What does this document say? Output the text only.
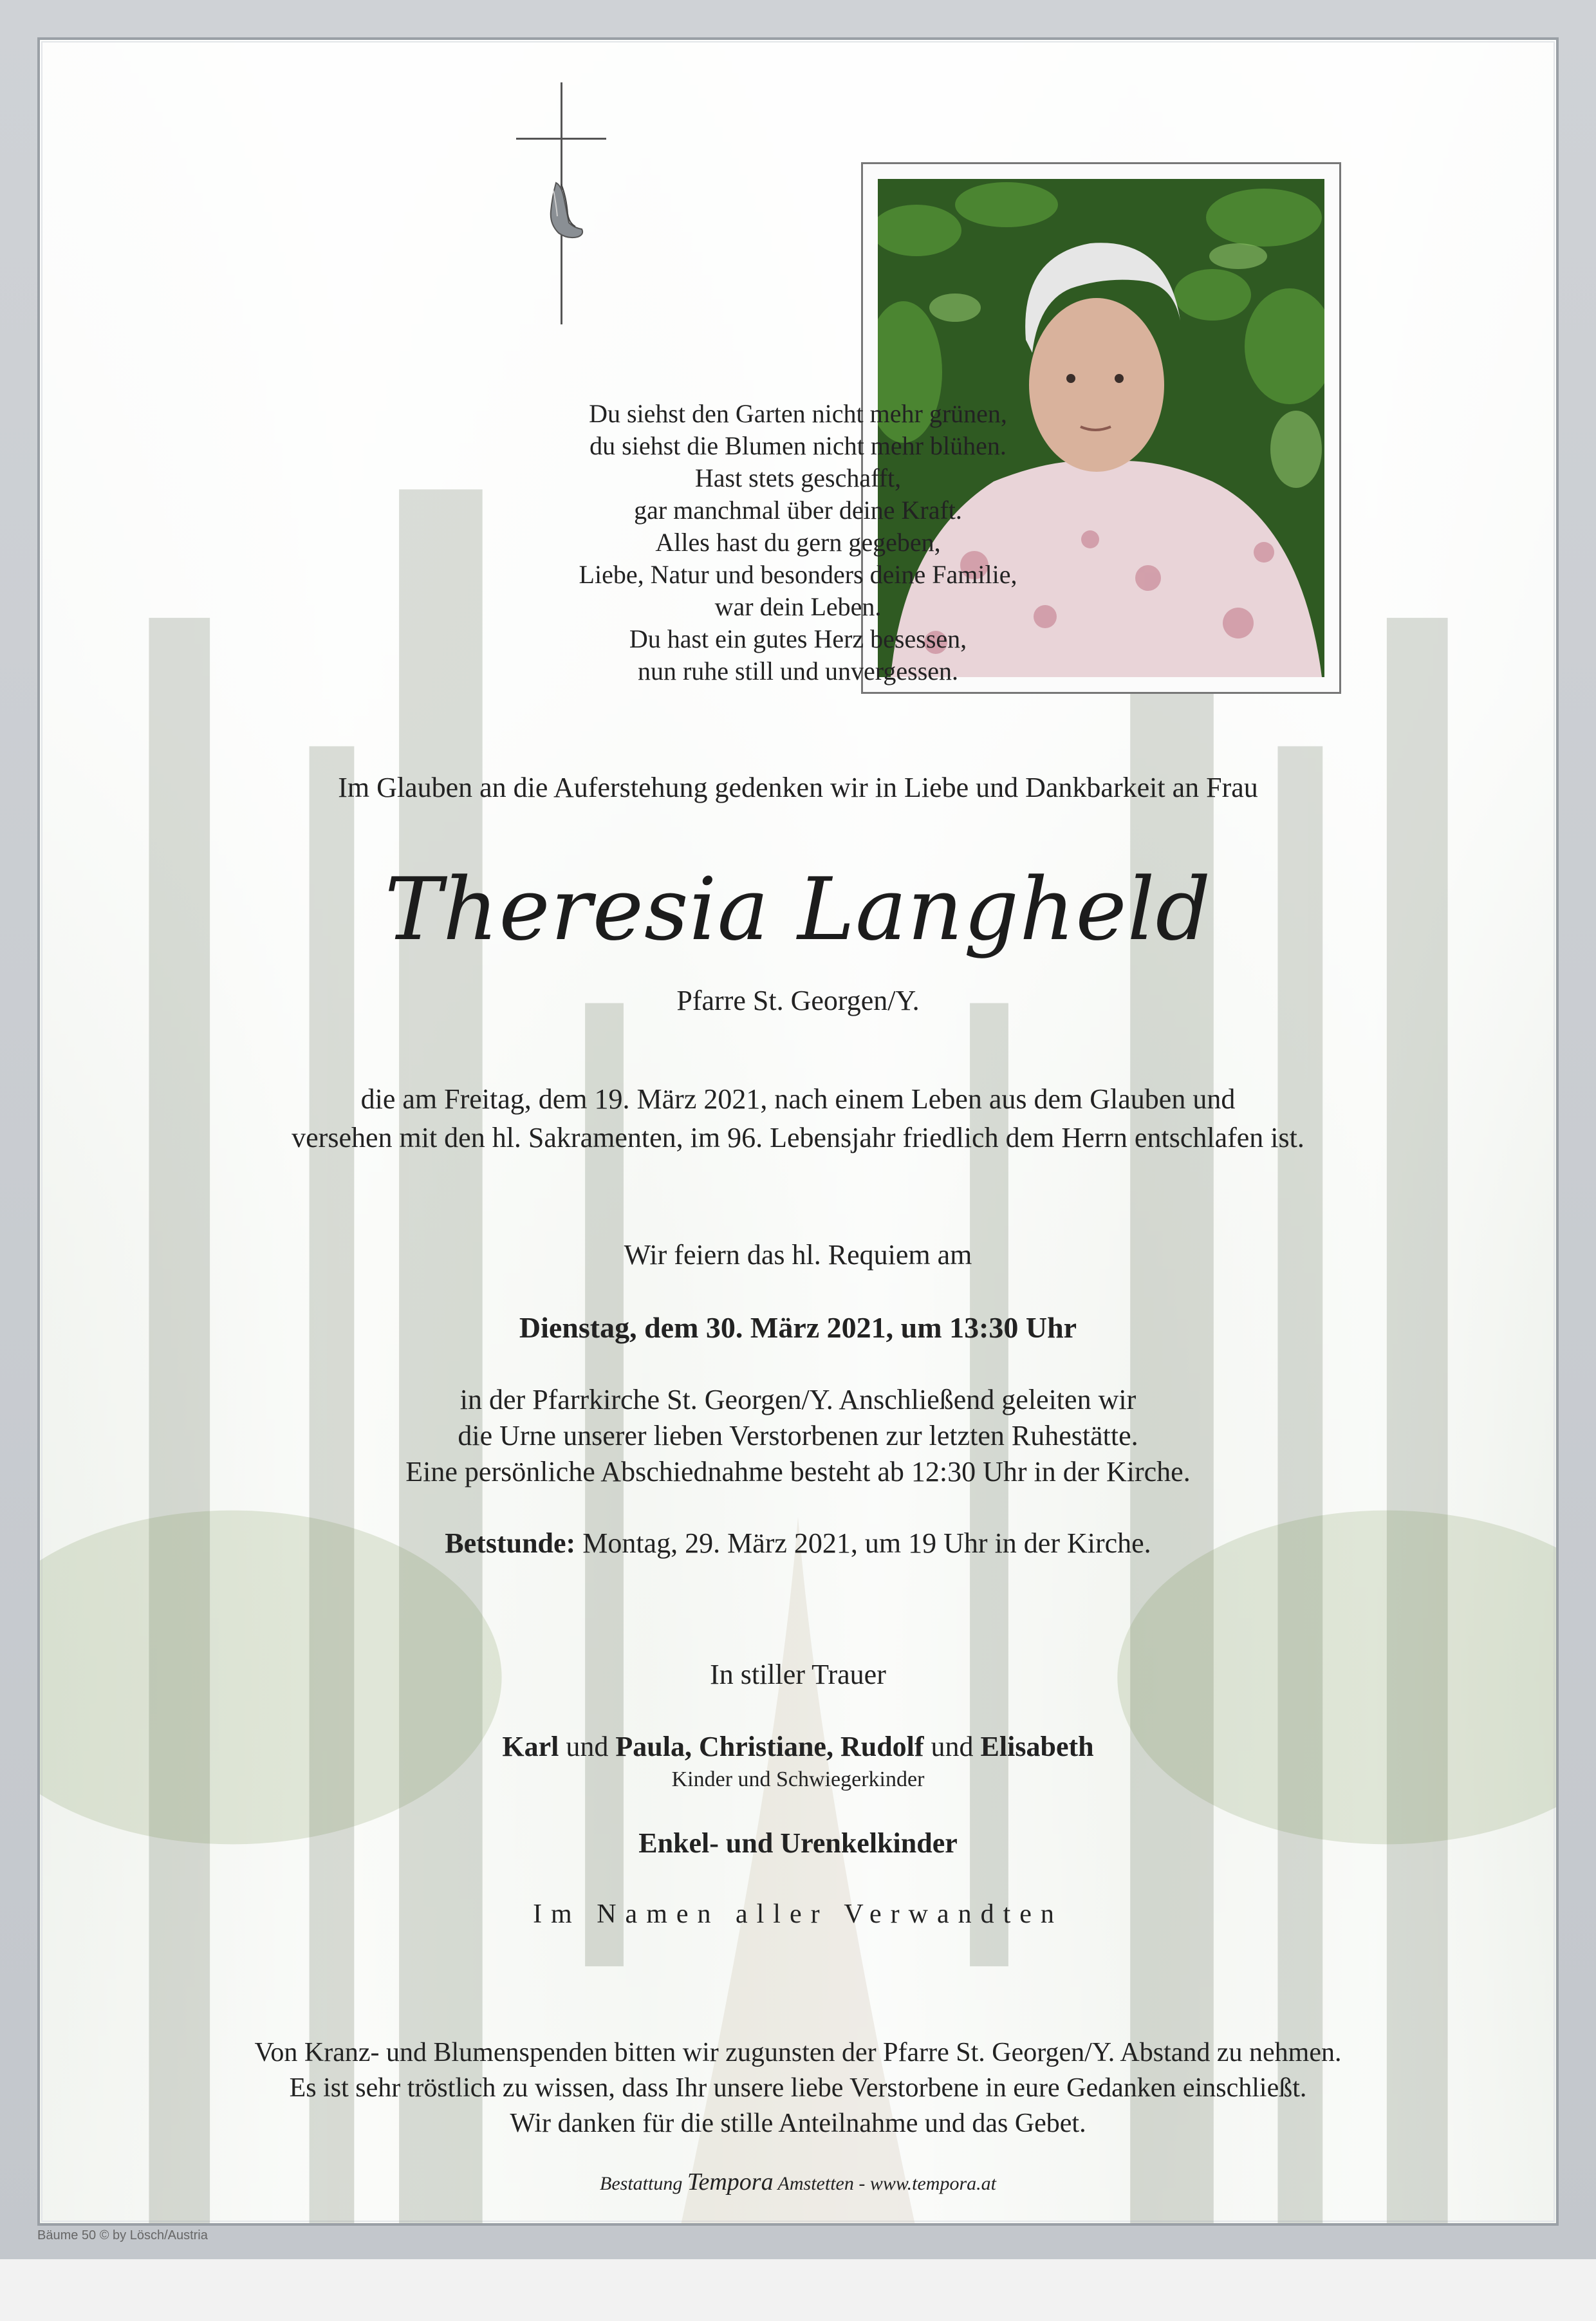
Du siehst den Garten nicht mehr grünen,
du siehst die Blumen nicht mehr blühen.
Hast stets geschafft,
gar manchmal über deine Kraft.
Alles hast du gern gegeben,
Liebe, Natur und besonders deine Familie,
war dein Leben.
Du hast ein gutes Herz besessen,
nun ruhe still und unvergessen.
Im Glauben an die Auferstehung gedenken wir in Liebe und Dankbarkeit an Frau
Theresia Langheld
Pfarre St. Georgen/Y.
die am Freitag, dem 19. März 2021, nach einem Leben aus dem Glauben und
versehen mit den hl. Sakramenten, im 96. Lebensjahr friedlich dem Herrn entschlafen ist.
Wir feiern das hl. Requiem am
Dienstag, dem 30. März 2021, um 13:30 Uhr
in der Pfarrkirche St. Georgen/Y. Anschließend geleiten wir
die Urne unserer lieben Verstorbenen zur letzten Ruhestätte.
Eine persönliche Abschiednahme besteht ab 12:30 Uhr in der Kirche.
Betstunde: Montag, 29. März 2021, um 19 Uhr in der Kirche.
In stiller Trauer
Karl und Paula, Christiane, Rudolf und Elisabeth
Kinder und Schwiegerkinder
Enkel- und Urenkelkinder
Im Namen aller Verwandten
Von Kranz- und Blumenspenden bitten wir zugunsten der Pfarre St. Georgen/Y. Abstand zu nehmen.
Es ist sehr tröstlich zu wissen, dass Ihr unsere liebe Verstorbene in eure Gedanken einschließt.
Wir danken für die stille Anteilnahme und das Gebet.
Bestattung Tempora Amstetten - www.tempora.at
Bäume 50 © by Lösch/Austria
